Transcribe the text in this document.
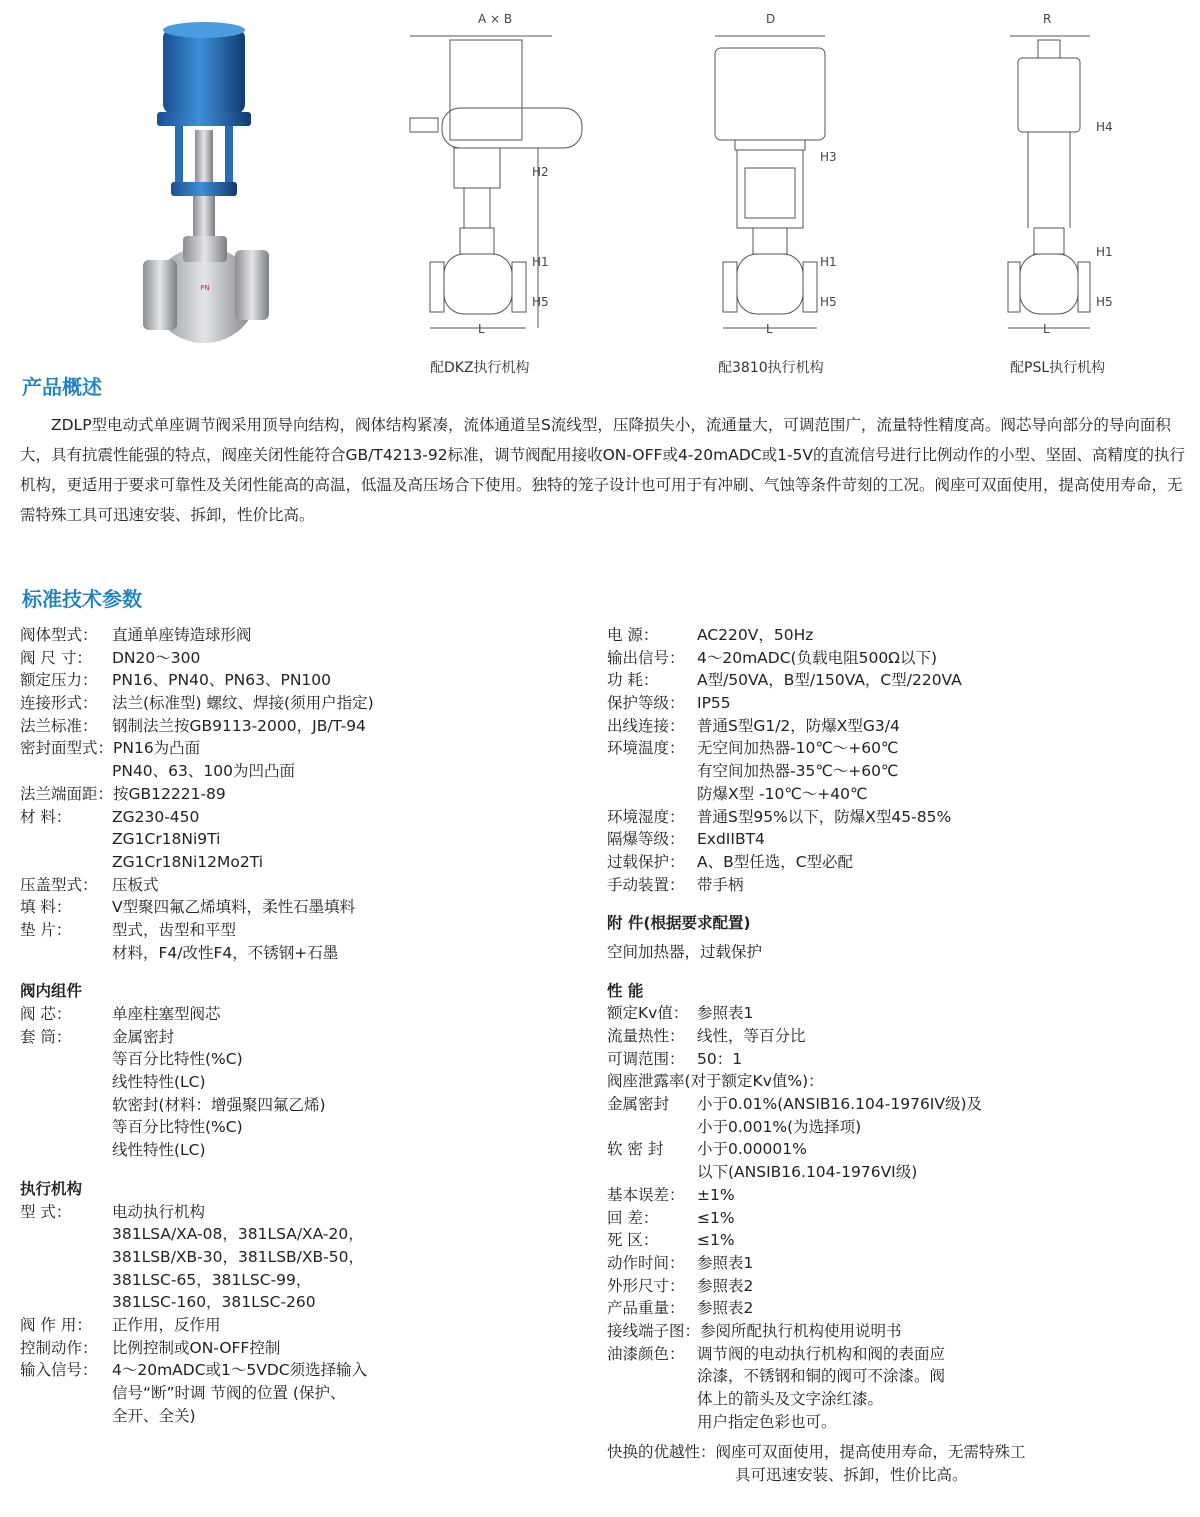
PN
A × B
H2
H1
H5
L
配DKZ执行机构
D
H3
H1
H5
L
配3810执行机构
R
H4
H1
H5
L
配PSL执行机构
产品概述

ZDLP型电动式单座调节阀采用顶导向结构，阀体结构紧凑，流体通道呈S流线型，压降损失小，流通量大，可调范围广，流量特性精度高。阀芯导向部分的导向面积大，具有抗震性能强的特点，阀座关闭性能符合GB/T4213-92标准，调节阀配用接收ON-OFF或4-20mADC或1-5V的直流信号进行比例动作的小型、坚固、高精度的执行机构，更适用于要求可靠性及关闭性能高的高温，低温及高压场合下使用。独特的笼子设计也可用于有冲刷、气蚀等条件苛刻的工况。阀座可双面使用，提高使用寿命，无需特殊工具可迅速安装、拆卸，性价比高。

标准技术参数
阀体型式： 直通单座铸造球形阀
阀 尺 寸：	DN20～300
额定压力： PN16、PN40、PN63、PN100
连接形式： 法兰(标准型) 螺纹、焊接(须用户指定)
法兰标准： 钢制法兰按GB9113-2000，JB/T-94
密封面型式： PN16为凸面
PN40、63、100为凹凸面
法兰端面距： 按GB12221-89
材 料：	ZG230-450
ZG1Cr18Ni9Ti
ZG1Cr18Ni12Mo2Ti
压盖型式： 压板式
填 料：	V型聚四氟乙烯填料，柔性石墨填料
垫 片：	型式，齿型和平型
材料，F4/改性F4，不锈钢+石墨
阀内组件
阀 芯：	单座柱塞型阀芯
套 筒：	金属密封
等百分比特性(%C)
线性特性(LC)
软密封(材料：增强聚四氟乙烯)
等百分比特性(%C)
线性特性(LC)
执行机构
型 式：	电动执行机构
381LSA/XA-08，381LSA/XA-20，
381LSB/XB-30，381LSB/XB-50，
381LSC-65，381LSC-99，
381LSC-160，381LSC-260
阀 作 用：	正作用，反作用
控制动作： 比例控制或ON-OFF控制
输入信号： 4～20mADC或1～5VDC须选择输入
信号“断”时调 节阀的位置 (保护、
全开、全关)
电 源：	AC220V，50Hz
输出信号： 4～20mADC(负载电阻500Ω以下)
功 耗：	A型/50VA，B型/150VA，C型/220VA
保护等级： IP55
出线连接： 普通S型G1/2，防爆X型G3/4
环境温度： 无空间加热器-10℃～+60℃
有空间加热器-35℃～+60℃
防爆X型 -10℃～+40℃
环境湿度： 普通S型95%以下，防爆X型45-85%
隔爆等级： ExdIIBT4
过载保护： A、B型任选，C型必配
手动装置： 带手柄
附 件(根据要求配置)
空间加热器，过载保护
性 能
额定Kv值： 参照表1
流量热性： 线性，等百分比
可调范围： 50：1
阀座泄露率(对于额定Kv值%)：
金属密封	小于0.01%(ANSIB16.104-1976IV级)及
小于0.001%(为选择项)
软 密 封	小于0.00001%
以下(ANSIB16.104-1976VI级)
基本误差： ±1%
回 差：	≤1%
死 区：	≤1%
动作时间： 参照表1
外形尺寸： 参照表2
产品重量： 参照表2
接线端子图： 参阅所配执行机构使用说明书
油漆颜色： 调节阀的电动执行机构和阀的表面应
涂漆，不锈钢和铜的阀可不涂漆。阀
体上的箭头及文字涂红漆。
用户指定色彩也可。
快换的优越性： 阀座可双面使用，提高使用寿命，无需特殊工
具可迅速安装、拆卸，性价比高。
